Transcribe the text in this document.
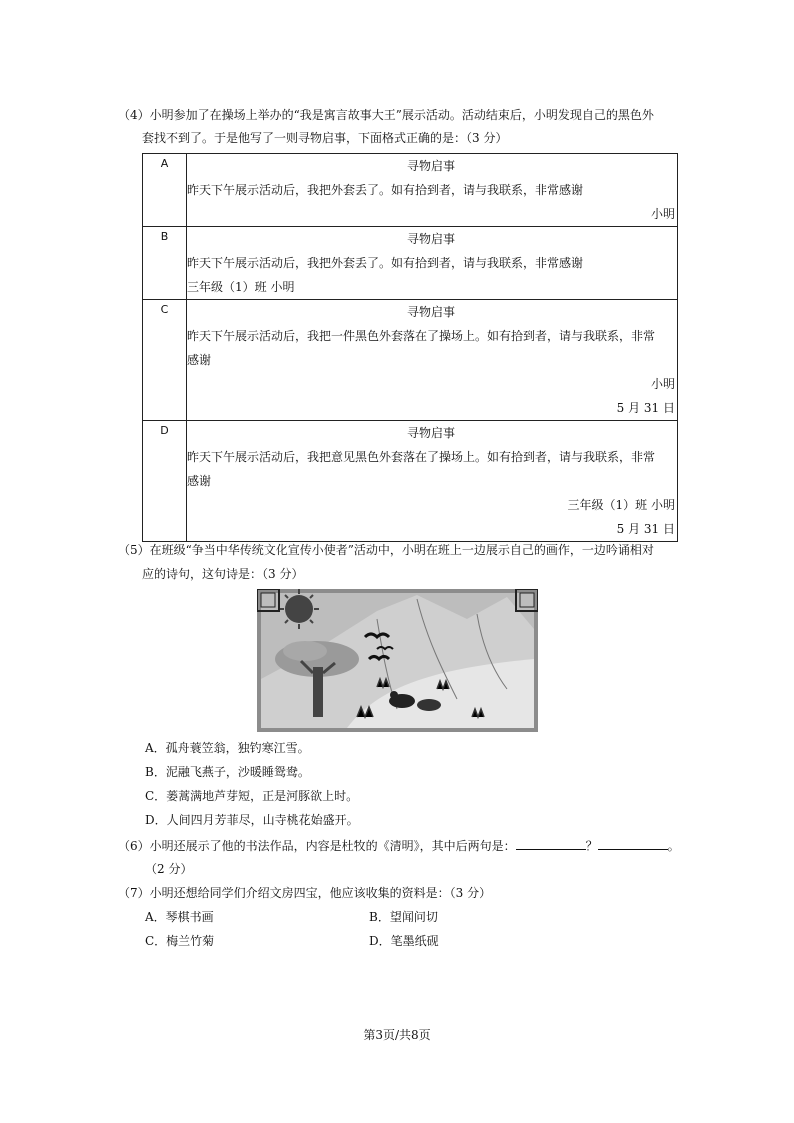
（4）小明参加了在操场上举办的“我是寓言故事大王”展示活动。活动结束后，小明发现自己的黑色外
套找不到了。于是他写了一则寻物启事，下面格式正确的是：（3 分）
A	寻物启事
昨天下午展示活动后，我把外套丢了。如有拾到者，请与我联系，非常感谢
小明

B	寻物启事
昨天下午展示活动后，我把外套丢了。如有拾到者，请与我联系，非常感谢
三年级（1）班 小明

C	寻物启事
昨天下午展示活动后，我把一件黑色外套落在了操场上。如有拾到者，请与我联系，非常
感谢
小明
5 月 31 日

D	寻物启事
昨天下午展示活动后，我把意见黑色外套落在了操场上。如有拾到者，请与我联系，非常
感谢
三年级（1）班 小明
5 月 31 日
（5）在班级“争当中华传统文化宣传小使者”活动中，小明在班上一边展示自己的画作，一边吟诵相对
应的诗句，这句诗是：（3 分）
A．孤舟蓑笠翁，独钓寒江雪。
B．泥融飞燕子，沙暖睡鸳鸯。
C．蒌蒿满地芦芽短，正是河豚欲上时。
D．人间四月芳菲尽，山寺桃花始盛开。
（6）小明还展示了他的书法作品，内容是杜牧的《清明》，其中后两句是：	？	。
（2 分）
（7）小明还想给同学们介绍文房四宝，他应该收集的资料是：（3 分）
A．琴棋书画	B．望闻问切
C．梅兰竹菊	D．笔墨纸砚
第3页/共8页
